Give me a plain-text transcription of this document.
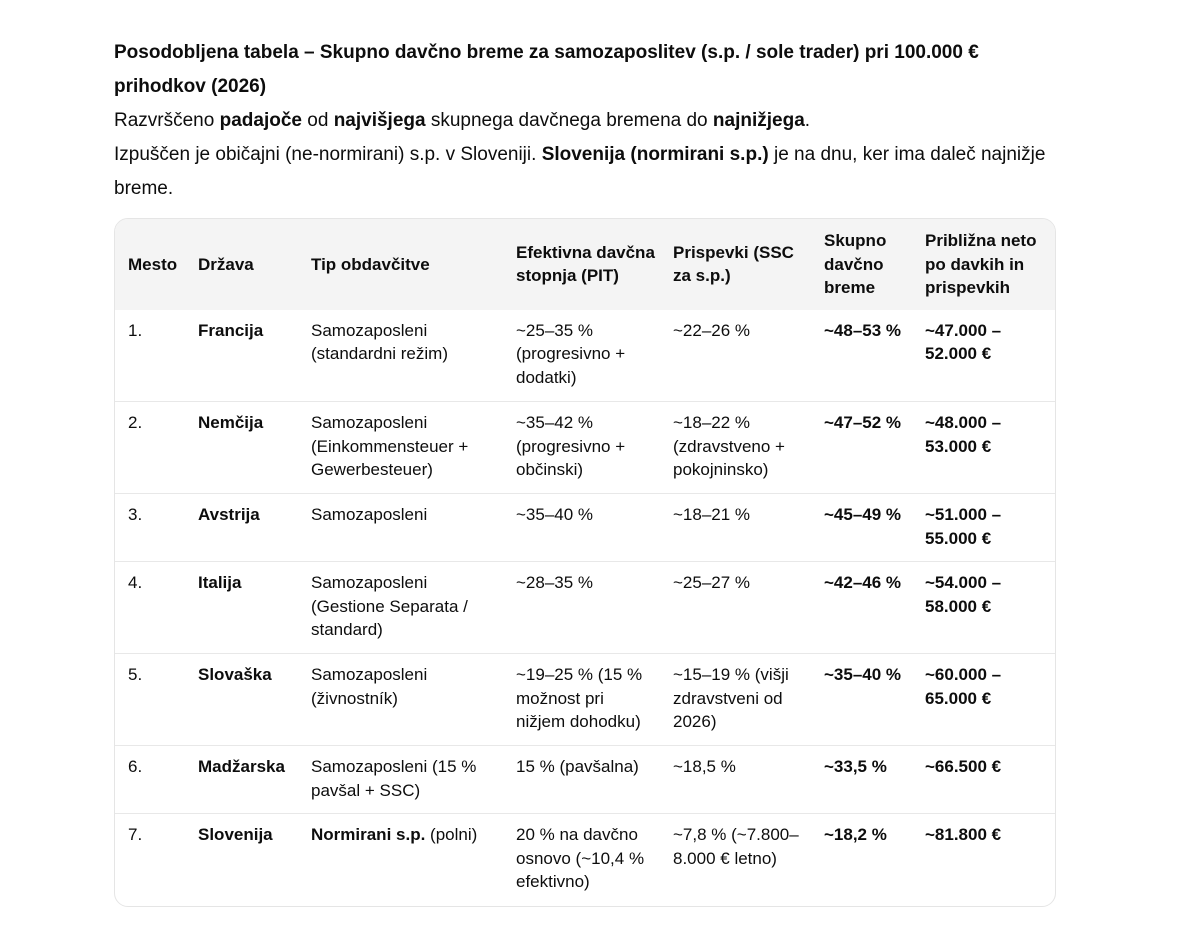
Posodobljena tabela – Skupno davčno breme za samozaposlitev (s.p. / sole trader) pri 100.000 € prihodkov (2026)

Razvrščeno padajoče od najvišjega skupnega davčnega bremena do najnižjega.

Izpuščen je običajni (ne-normirani) s.p. v Sloveniji. Slovenija (normirani s.p.) je na dnu, ker ima daleč najnižje breme.

Mesto	Država	Tip obdavčitve	Efektivna davčna stopnja (PIT)	Prispevki (SSC za s.p.)	Skupno davčno breme	Približna neto po davkih in prispevkih
1.	Francija	Samozaposleni (standardni režim)	~25–35 % (progresivno + dodatki)	~22–26 %	~48–53 %	~47.000 – 52.000 €
2.	Nemčija	Samozaposleni (Einkommensteuer + Gewerbesteuer)	~35–42 % (progresivno + občinski)	~18–22 % (zdravstveno + pokojninsko)	~47–52 %	~48.000 – 53.000 €
3.	Avstrija	Samozaposleni	~35–40 %	~18–21 %	~45–49 %	~51.000 – 55.000 €
4.	Italija	Samozaposleni (Gestione Separata / standard)	~28–35 %	~25–27 %	~42–46 %	~54.000 – 58.000 €
5.	Slovaška	Samozaposleni (živnostník)	~19–25 % (15 % možnost pri nižjem dohodku)	~15–19 % (višji zdravstveni od 2026)	~35–40 %	~60.000 – 65.000 €
6.	Madžarska	Samozaposleni (15 % pavšal + SSC)	15 % (pavšalna)	~18,5 %	~33,5 %	~66.500 €
7.	Slovenija	Normirani s.p. (polni)	20 % na davčno osnovo (~10,4 % efektivno)	~7,8 % (~7.800–8.000 € letno)	~18,2 %	~81.800 €
